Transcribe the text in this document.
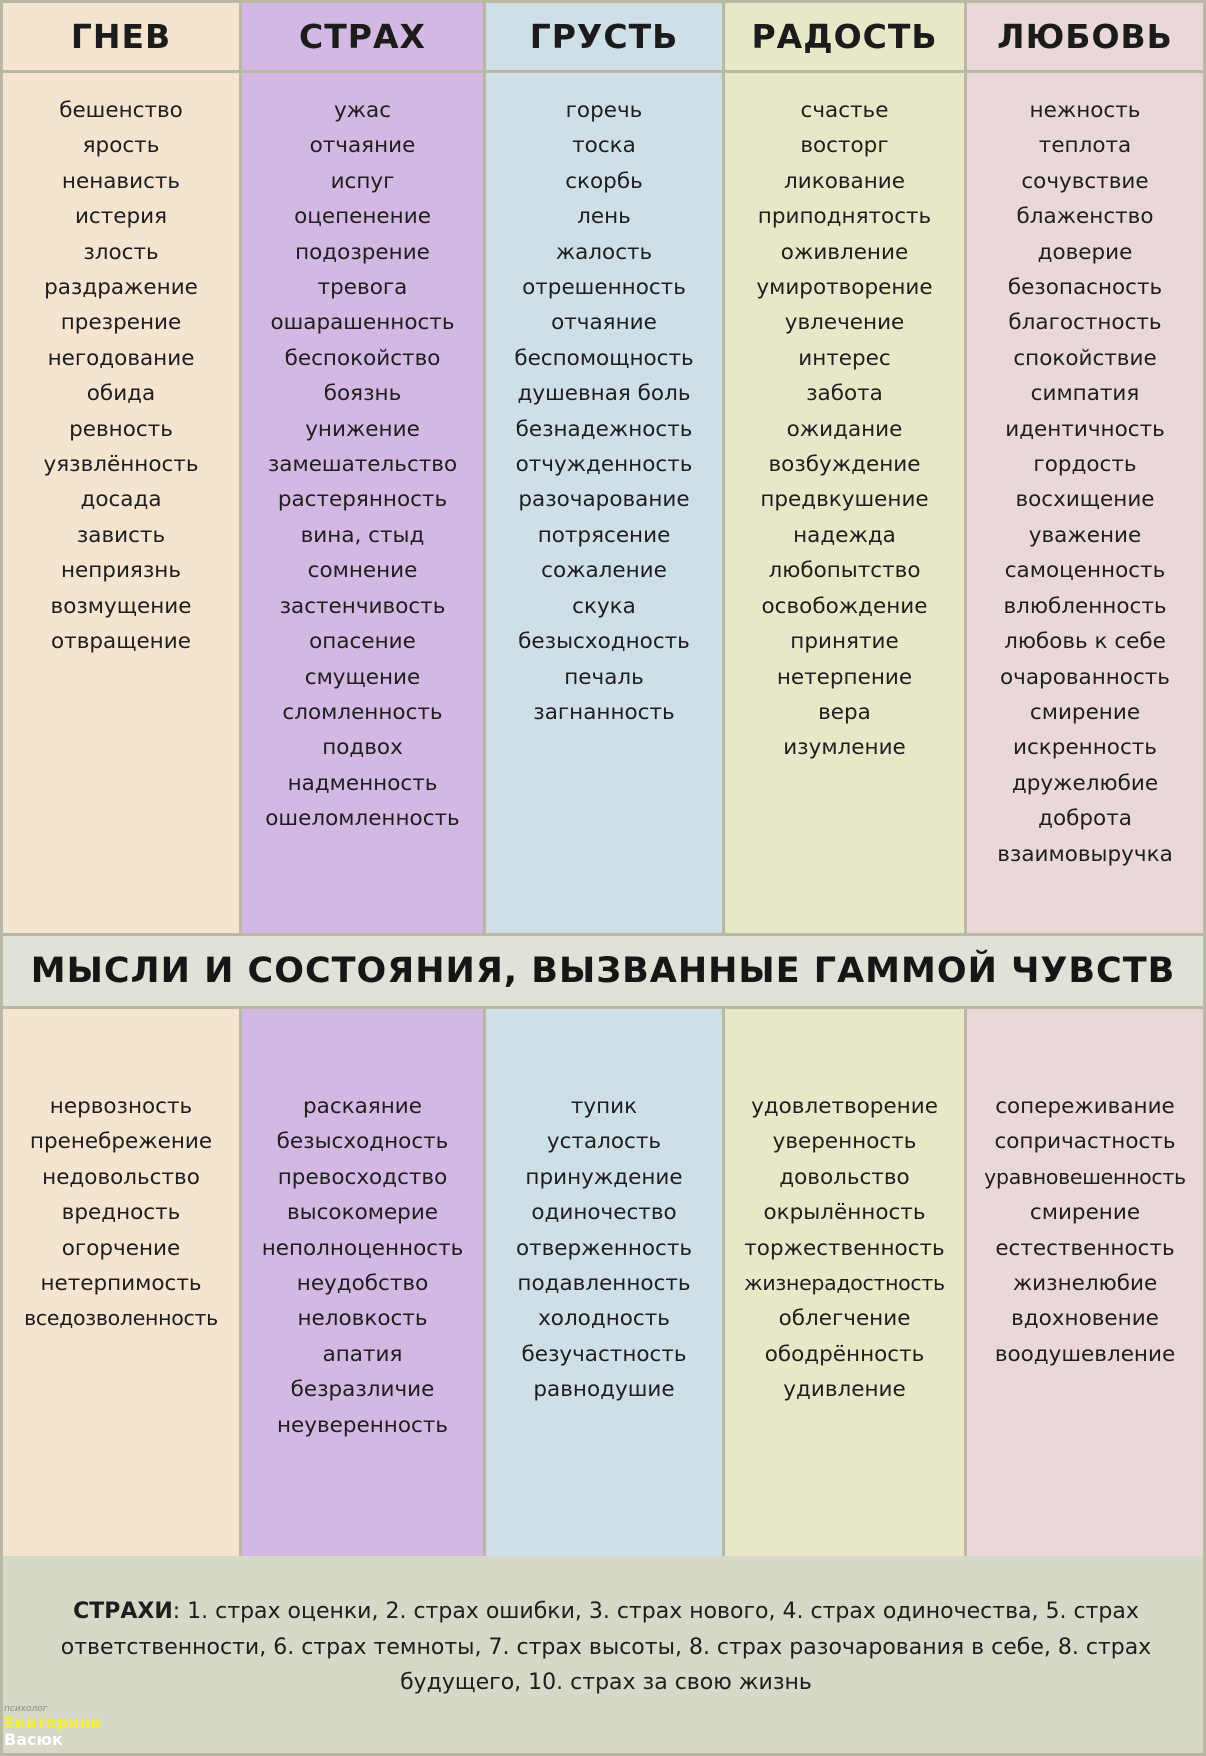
ГНЕВ	СТРАХ	ГРУСТЬ РАДОСТЬ ЛЮБОВЬ
бешенство
ярость
ненависть
истерия
злость
раздражение
презрение
негодование
обида
ревность
уязвлённость
досада
зависть
неприязнь
возмущение
отвращение
ужас
отчаяние
испуг
оцепенение
подозрение
тревога
ошарашенность
беспокойство
боязнь
унижение
замешательство
растерянность
вина, стыд
сомнение
застенчивость
опасение
смущение
сломленность
подвох
надменность
ошеломленность
горечь
тоска
скорбь
лень
жалость
отрешенность
отчаяние
беспомощность
душевная боль
безнадежность
отчужденность
разочарование
потрясение
сожаление
скука
безысходность
печаль
загнанность
счастье
восторг
ликование
приподнятость
оживление
умиротворение
увлечение
интерес
забота
ожидание
возбуждение
предвкушение
надежда
любопытство
освобождение
принятие
нетерпение
вера
изумление
нежность
теплота
сочувствие
блаженство
доверие
безопасность
благостность
спокойствие
симпатия
идентичность
гордость
восхищение
уважение
самоценность
влюбленность
любовь к себе
очарованность
смирение
искренность
дружелюбие
доброта
взаимовыручка
МЫСЛИ И СОСТОЯНИЯ, ВЫЗВАННЫЕ ГАММОЙ ЧУВСТВ
нервозность
пренебрежение
недовольство
вредность
огорчение
нетерпимость
вседозволенность
раскаяние
безысходность
превосходство
высокомерие
неполноценность
неудобство
неловкость
апатия
безразличие
неуверенность
тупик
усталость
принуждение
одиночество
отверженность
подавленность
холодность
безучастность
равнодушие
удовлетворение
уверенность
довольство
окрылённость
торжественность
жизнерадостность
облегчение
ободрённость
удивление
сопереживание
сопричастность
уравновешенность
смирение
естественность
жизнелюбие
вдохновение
воодушевление
СТРАХИ: 1. страх оценки, 2. страх ошибки, 3. страх нового, 4. страх одиночества, 5. страх ответственности, 6. страх темноты, 7. страх высоты, 8. страх разочарования в себе, 8. страх будущего, 10. страх за свою жизнь
психолог
Екатерина
Васюк
